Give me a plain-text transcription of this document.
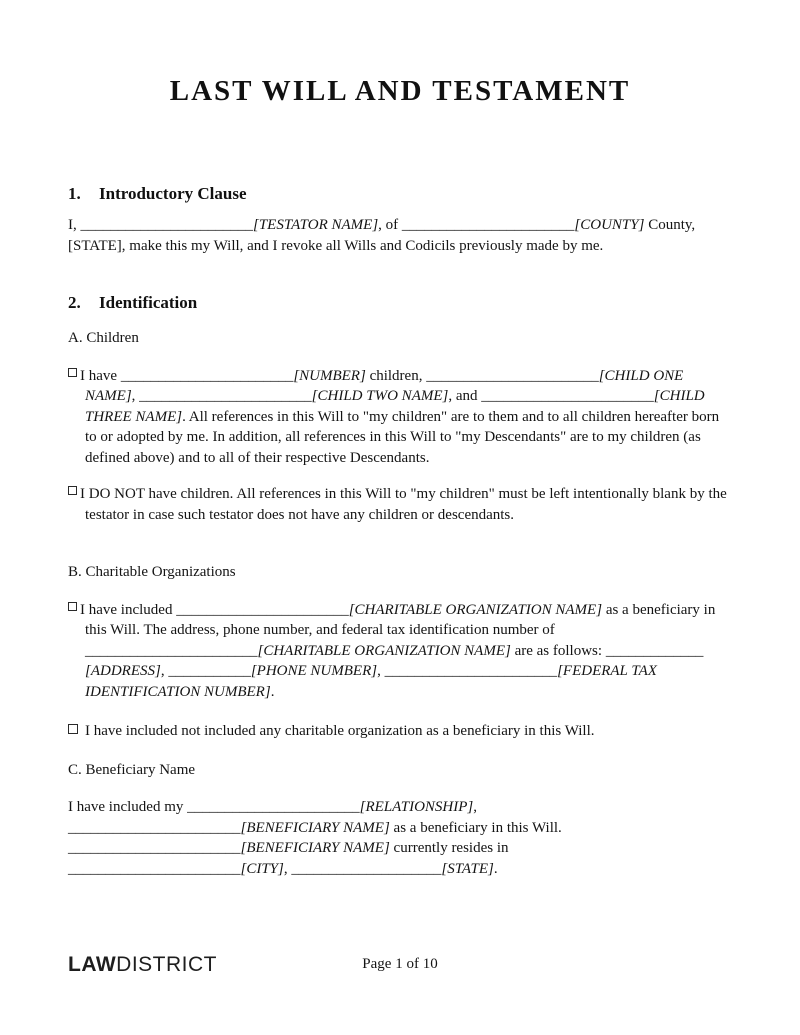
LAST WILL AND TESTAMENT
1. Introductory Clause

I, _______________________[TESTATOR NAME], of _______________________[COUNTY] County, [STATE], make this my Will, and I revoke all Wills and Codicils previously made by me.

2. Identification

A. Children

I have _______________________[NUMBER] children, _______________________[CHILD ONE NAME], _______________________[CHILD TWO NAME], and _______________________[CHILD THREE NAME]. All references in this Will to "my children" are to them and to all children hereafter born to or adopted by me. In addition, all references in this Will to "my Descendants" are to my children (as defined above) and to all of their respective Descendants.

I DO NOT have children. All references in this Will to "my children" must be left intentionally blank by the testator in case such testator does not have any children or descendants.

B. Charitable Organizations

I have included _______________________[CHARITABLE ORGANIZATION NAME] as a beneficiary in this Will. The address, phone number, and federal tax identification number of _______________________[CHARITABLE ORGANIZATION NAME] are as follows: _____________ [ADDRESS], ___________[PHONE NUMBER], _______________________[FEDERAL TAX IDENTIFICATION NUMBER].

I have included not included any charitable organization as a beneficiary in this Will.

C. Beneficiary Name

I have included my _______________________[RELATIONSHIP],
_______________________[BENEFICIARY NAME] as a beneficiary in this Will.
_______________________[BENEFICIARY NAME] currently resides in
_______________________[CITY], ____________________[STATE].
LAWDISTRICT	Page 1 of 10
